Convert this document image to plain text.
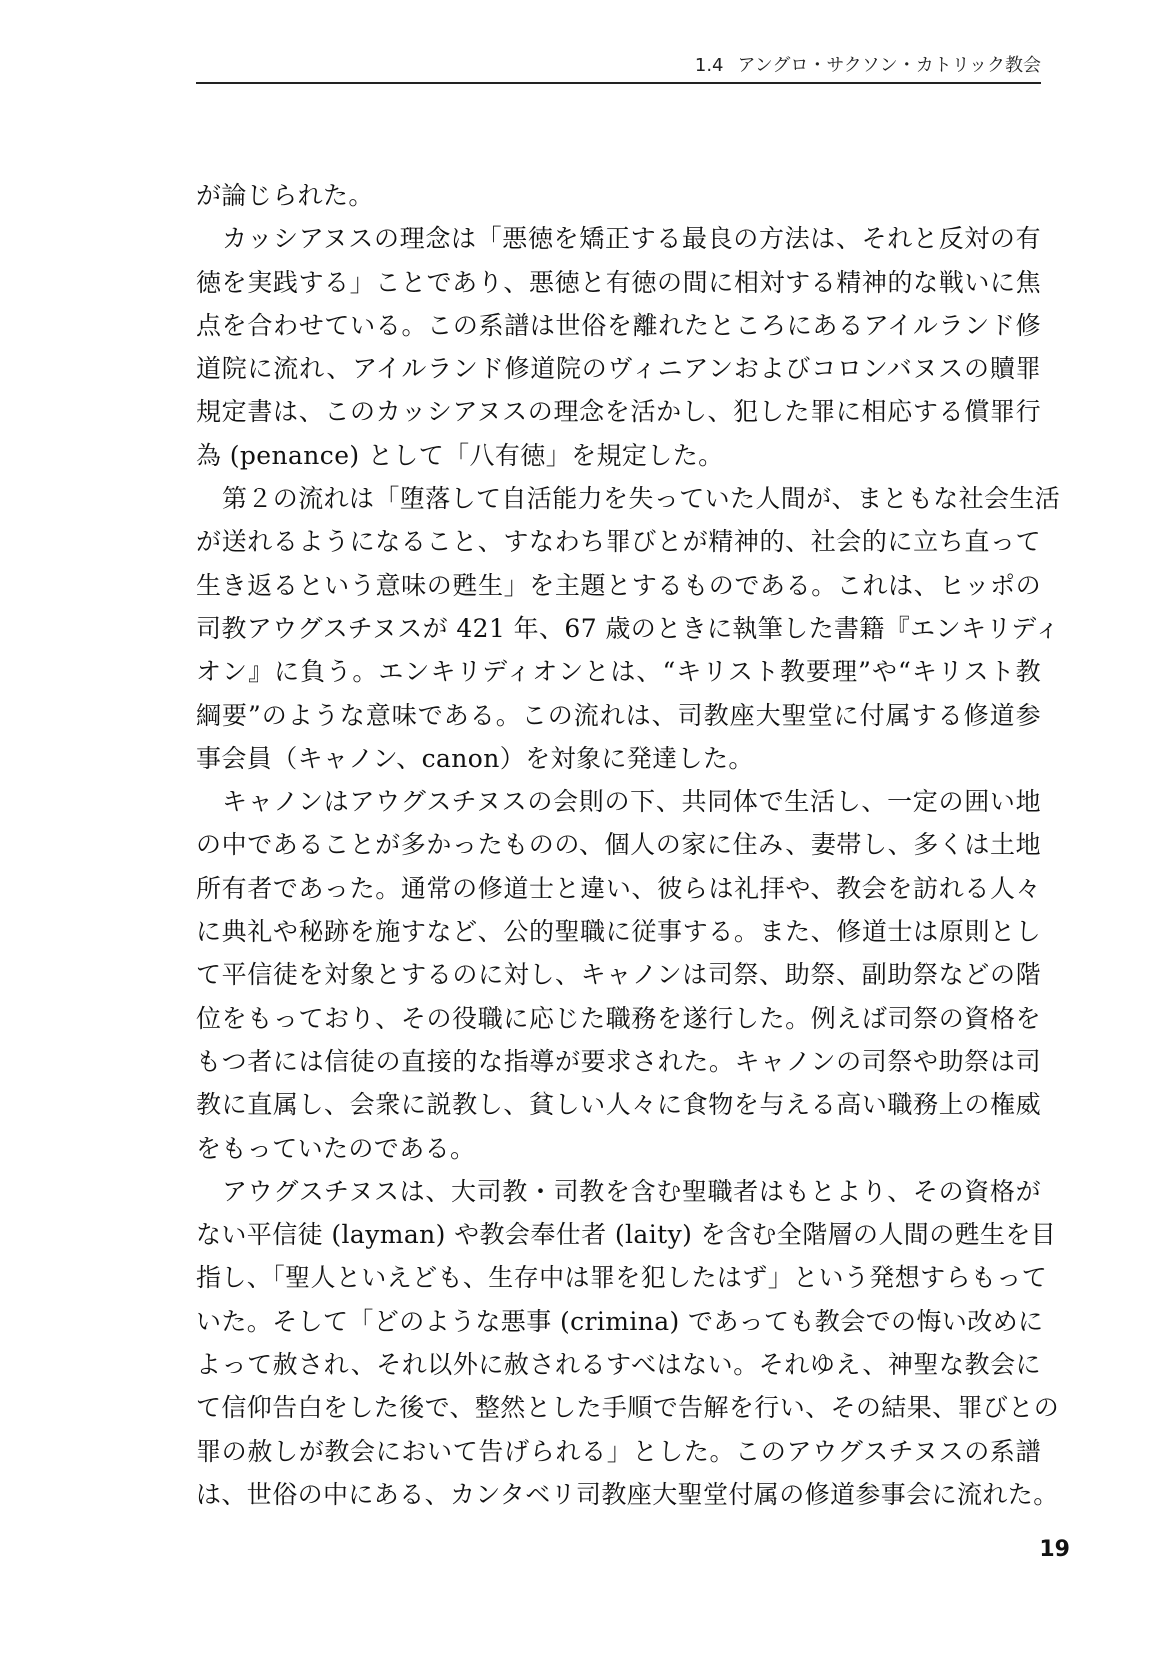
1.4 アングロ・サクソン・カトリック教会
が論じられた。
カッシアヌスの理念は「悪徳を矯正する最良の方法は、それと反対の有
徳を実践する」ことであり、悪徳と有徳の間に相対する精神的な戦いに焦
点を合わせている。この系譜は世俗を離れたところにあるアイルランド修
道院に流れ、アイルランド修道院のヴィニアンおよびコロンバヌスの贖罪
規定書は、このカッシアヌスの理念を活かし、犯した罪に相応する償罪行
為 (penance) として「八有徳」を規定した。
第２の流れは「堕落して自活能力を失っていた人間が、まともな社会生活
が送れるようになること、すなわち罪びとが精神的、社会的に立ち直って
生き返るという意味の甦生」を主題とするものである。これは、ヒッポの
司教アウグスチヌスが 421 年、67 歳のときに執筆した書籍『エンキリディ
オン』に負う。エンキリディオンとは、“キリスト教要理”や“キリスト教
綱要”のような意味である。この流れは、司教座大聖堂に付属する修道参
事会員（キャノン、canon）を対象に発達した。
キャノンはアウグスチヌスの会則の下、共同体で生活し、一定の囲い地
の中であることが多かったものの、個人の家に住み、妻帯し、多くは土地
所有者であった。通常の修道士と違い、彼らは礼拝や、教会を訪れる人々
に典礼や秘跡を施すなど、公的聖職に従事する。また、修道士は原則とし
て平信徒を対象とするのに対し、キャノンは司祭、助祭、副助祭などの階
位をもっており、その役職に応じた職務を遂行した。例えば司祭の資格を
もつ者には信徒の直接的な指導が要求された。キャノンの司祭や助祭は司
教に直属し、会衆に説教し、貧しい人々に食物を与える高い職務上の権威
をもっていたのである。
アウグスチヌスは、大司教・司教を含む聖職者はもとより、その資格が
ない平信徒 (layman) や教会奉仕者 (laity) を含む全階層の人間の甦生を目
指し、「聖人といえども、生存中は罪を犯したはず」という発想すらもって
いた。そして「どのような悪事 (crimina) であっても教会での悔い改めに
よって赦され、それ以外に赦されるすべはない。それゆえ、神聖な教会に
て信仰告白をした後で、整然とした手順で告解を行い、その結果、罪びとの
罪の赦しが教会において告げられる」とした。このアウグスチヌスの系譜
は、世俗の中にある、カンタベリ司教座大聖堂付属の修道参事会に流れた。
19
